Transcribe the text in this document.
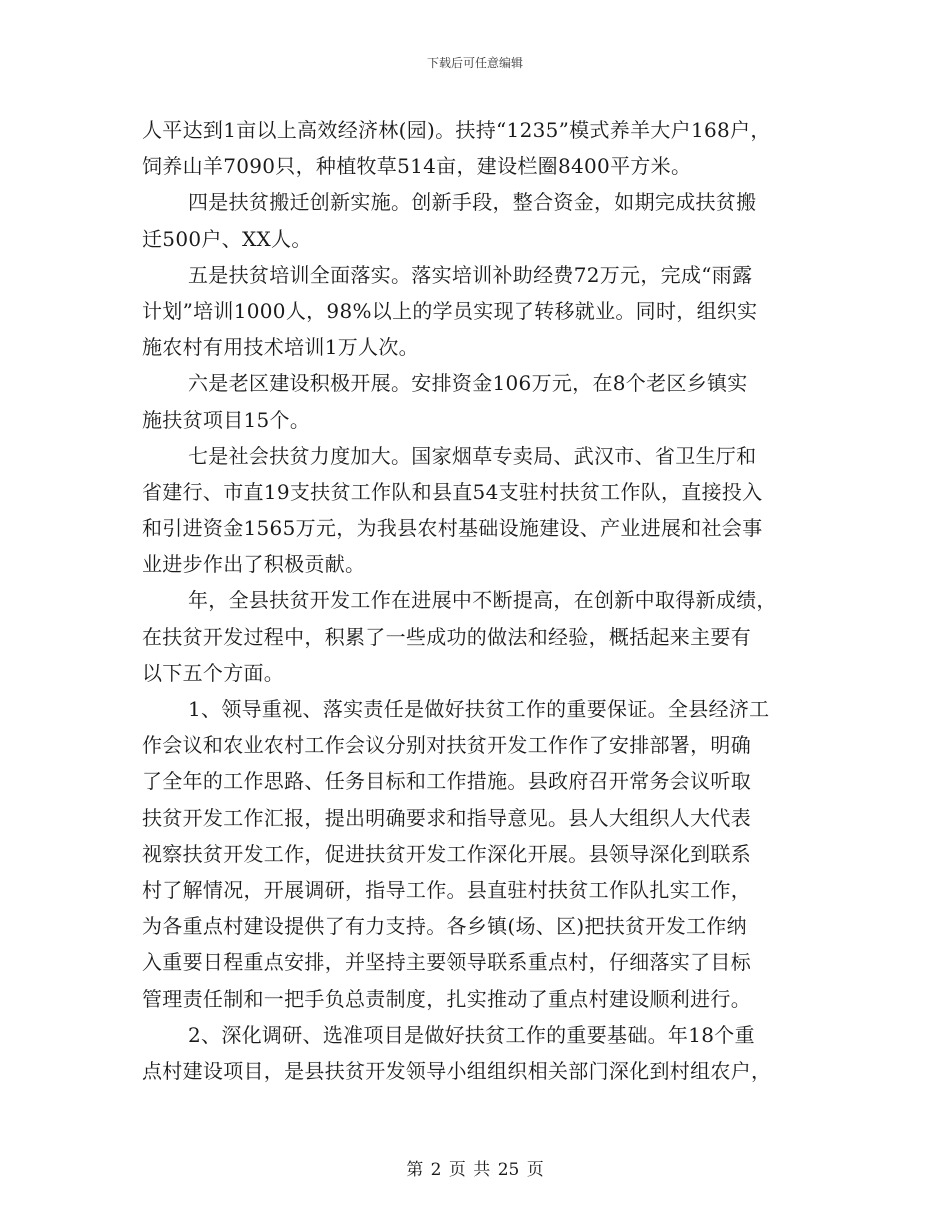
下载后可任意编辑
人平达到1亩以上高效经济林(园)。扶持“1235”模式养羊大户168户，
饲养山羊7090只，种植牧草514亩，建设栏圈8400平方米。
四是扶贫搬迁创新实施。创新手段，整合资金，如期完成扶贫搬
迁500户、XX人。
五是扶贫培训全面落实。落实培训补助经费72万元，完成“雨露
计划”培训1000人，98%以上的学员实现了转移就业。同时，组织实
施农村有用技术培训1万人次。
六是老区建设积极开展。安排资金106万元，在8个老区乡镇实
施扶贫项目15个。
七是社会扶贫力度加大。国家烟草专卖局、武汉市、省卫生厅和
省建行、市直19支扶贫工作队和县直54支驻村扶贫工作队，直接投入
和引进资金1565万元，为我县农村基础设施建设、产业进展和社会事
业进步作出了积极贡献。
年，全县扶贫开发工作在进展中不断提高，在创新中取得新成绩，
在扶贫开发过程中，积累了一些成功的做法和经验，概括起来主要有
以下五个方面。
1、领导重视、落实责任是做好扶贫工作的重要保证。全县经济工
作会议和农业农村工作会议分别对扶贫开发工作作了安排部署，明确
了全年的工作思路、任务目标和工作措施。县政府召开常务会议听取
扶贫开发工作汇报，提出明确要求和指导意见。县人大组织人大代表
视察扶贫开发工作，促进扶贫开发工作深化开展。县领导深化到联系
村了解情况，开展调研，指导工作。县直驻村扶贫工作队扎实工作，
为各重点村建设提供了有力支持。各乡镇(场、区)把扶贫开发工作纳
入重要日程重点安排，并坚持主要领导联系重点村，仔细落实了目标
管理责任制和一把手负总责制度，扎实推动了重点村建设顺利进行。
2、深化调研、选准项目是做好扶贫工作的重要基础。年18个重
点村建设项目，是县扶贫开发领导小组组织相关部门深化到村组农户，
第 2 页 共 25 页
